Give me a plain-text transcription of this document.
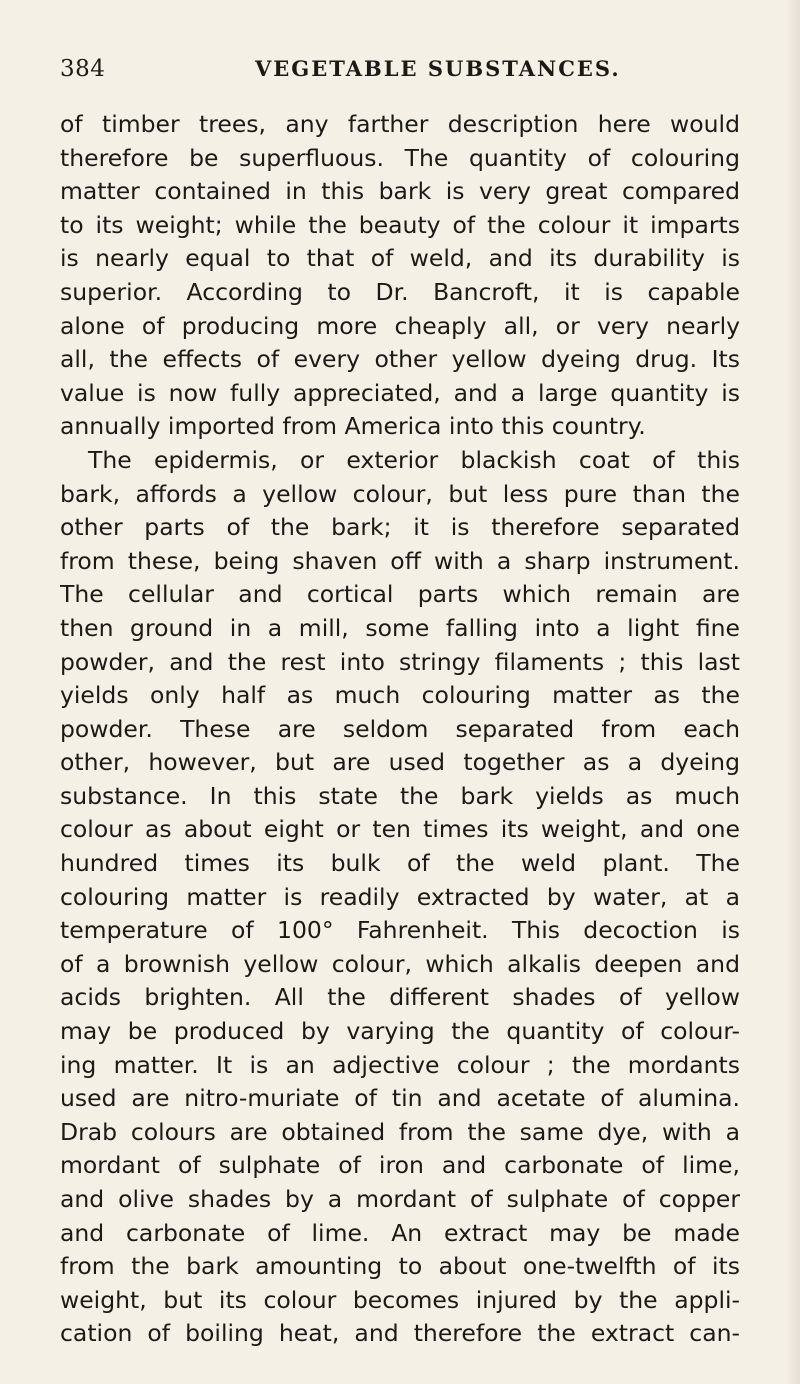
384	VEGETABLE SUBSTANCES.
of timber trees, any farther description here would
therefore be superfluous. The quantity of colouring
matter contained in this bark is very great compared
to its weight; while the beauty of the colour it imparts
is nearly equal to that of weld, and its durability is
superior. According to Dr. Bancroft, it is capable
alone of producing more cheaply all, or very nearly
all, the effects of every other yellow dyeing drug. Its
value is now fully appreciated, and a large quantity is
annually imported from America into this country.
The epidermis, or exterior blackish coat of this
bark, affords a yellow colour, but less pure than the
other parts of the bark; it is therefore separated
from these, being shaven off with a sharp instrument.
The cellular and cortical parts which remain are
then ground in a mill, some falling into a light fine
powder, and the rest into stringy filaments ; this last
yields only half as much colouring matter as the
powder. These are seldom separated from each
other, however, but are used together as a dyeing
substance. In this state the bark yields as much
colour as about eight or ten times its weight, and one
hundred times its bulk of the weld plant. The
colouring matter is readily extracted by water, at a
temperature of 100° Fahrenheit. This decoction is
of a brownish yellow colour, which alkalis deepen and
acids brighten. All the different shades of yellow
may be produced by varying the quantity of colour-
ing matter. It is an adjective colour ; the mordants
used are nitro-muriate of tin and acetate of alumina.
Drab colours are obtained from the same dye, with a
mordant of sulphate of iron and carbonate of lime,
and olive shades by a mordant of sulphate of copper
and carbonate of lime. An extract may be made
from the bark amounting to about one-twelfth of its
weight, but its colour becomes injured by the appli-
cation of boiling heat, and therefore the extract can-
